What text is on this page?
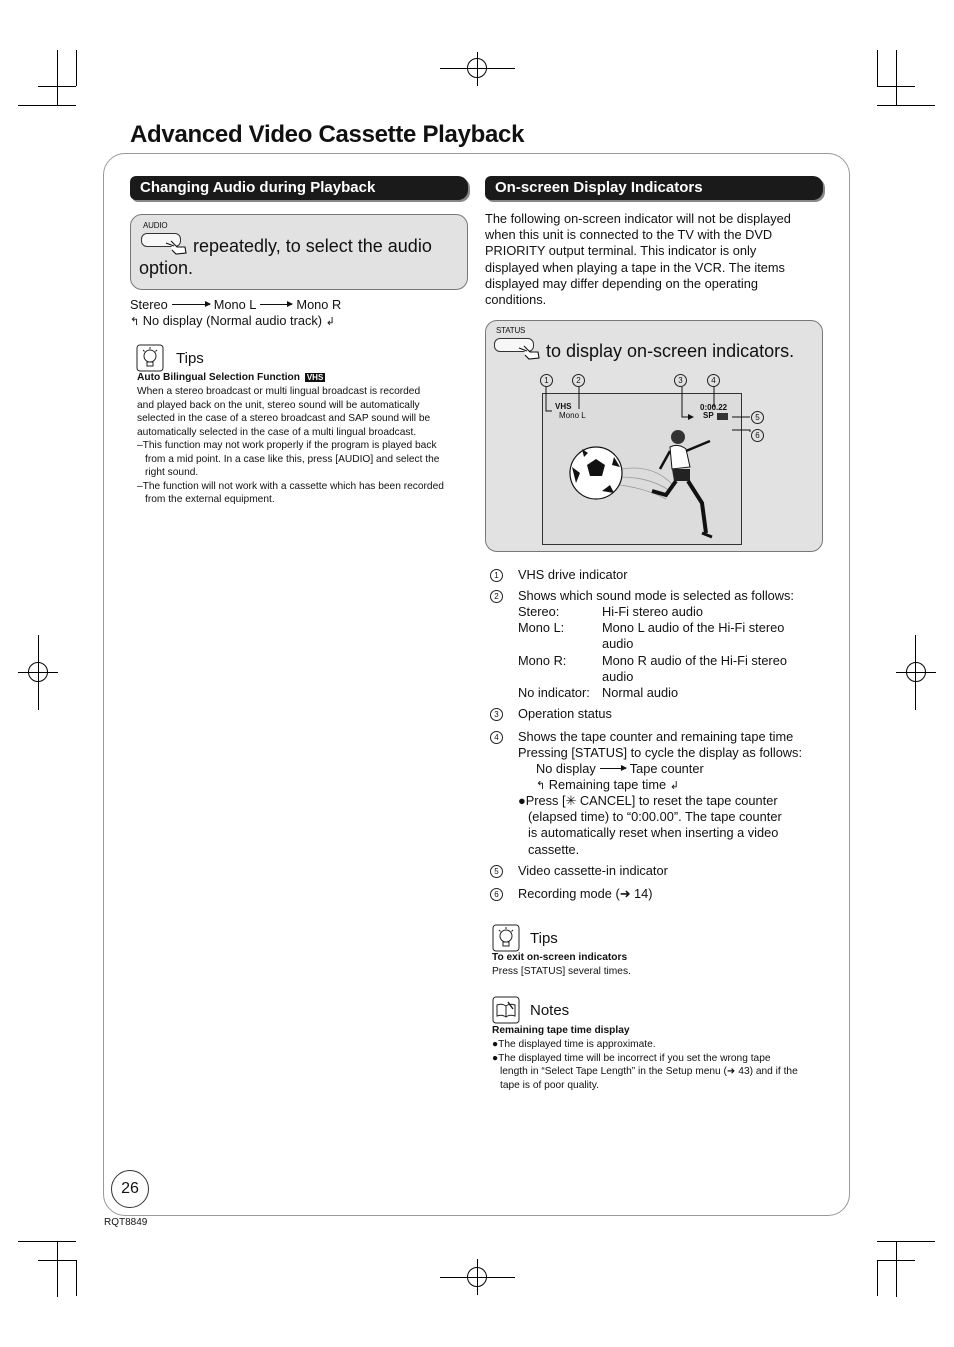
Advanced Video Cassette Playback
Changing Audio during Playback
AUDIO
repeatedly, to select the audio option.
Stereo	Mono L	Mono R
↰ No display (Normal audio track) ↲
Tips
Auto Bilingual Selection Function VHS
When a stereo broadcast or multi lingual broadcast is recorded
and played back on the unit, stereo sound will be automatically
selected in the case of a stereo broadcast and SAP sound will be
automatically selected in the case of a multi lingual broadcast.
–This function may not work properly if the program is played back
from a mid point. In a case like this, press [AUDIO] and select the
right sound.
–The function will not work with a cassette which has been recorded
from the external equipment.
On-screen Display Indicators
The following on-screen indicator will not be displayed
when this unit is connected to the TV with the DVD
PRIORITY output terminal. This indicator is only
displayed when playing a tape in the VCR. The items
displayed may differ depending on the operating
conditions.
STATUS
to display on-screen indicators.
1	2	3	4
5
6
VHS
Mono L
0:00.22
SP
1 VHS drive indicator
2 Shows which sound mode is selected as follows:
Stereo:	Hi-Fi stereo audio
Mono L:	Mono L audio of the Hi-Fi stereo
audio
Mono R:	Mono R audio of the Hi-Fi stereo
audio
No indicator: Normal audio
3 Operation status
4 Shows the tape counter and remaining tape time
Pressing [STATUS] to cycle the display as follows:
No display	Tape counter
↰ Remaining tape time ↲
●Press [✳ CANCEL] to reset the tape counter
(elapsed time) to “0:00.00”. The tape counter
is automatically reset when inserting a video
cassette.
5 Video cassette-in indicator
6 Recording mode (➜ 14)
Tips
To exit on-screen indicators
Press [STATUS] several times.
Notes
Remaining tape time display
●The displayed time is approximate.
●The displayed time will be incorrect if you set the wrong tape
length in “Select Tape Length” in the Setup menu (➜ 43) and if the
tape is of poor quality.
26
RQT8849
